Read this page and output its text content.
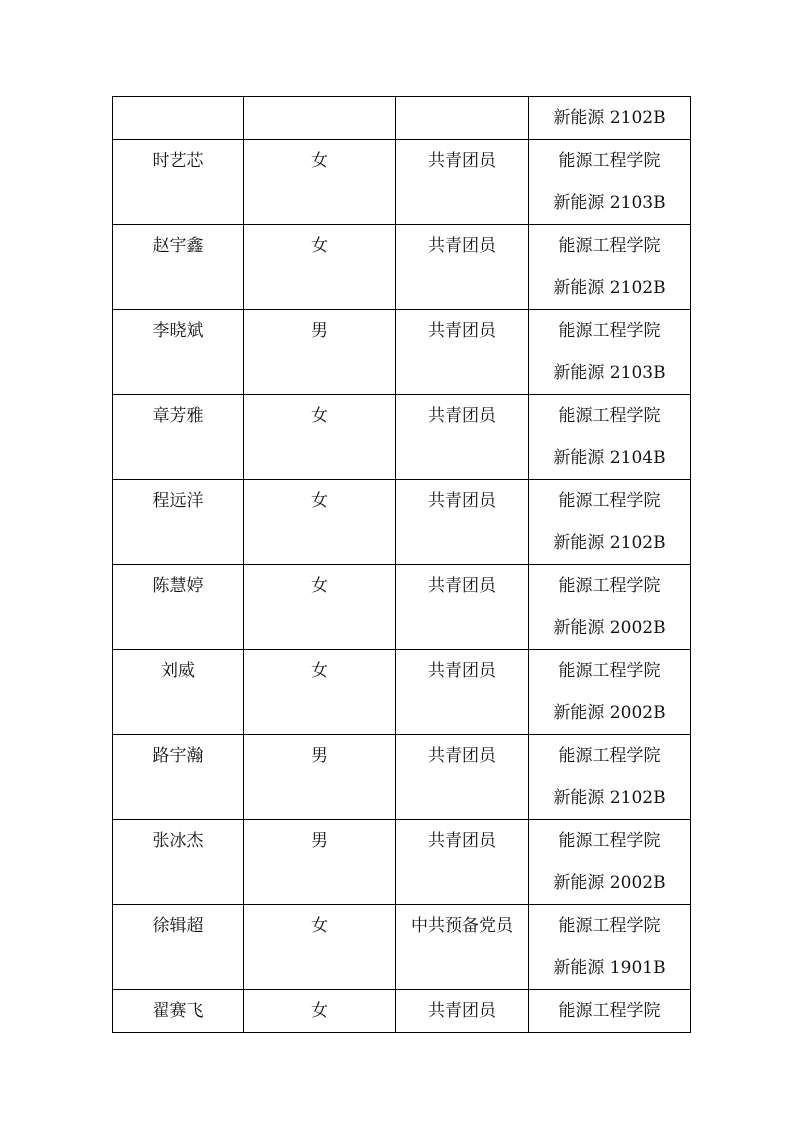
			新能源 2102B

时艺芯	女	共青团员	能源工程学院
新能源 2103B

赵宇鑫	女	共青团员	能源工程学院
新能源 2102B

李晓斌	男	共青团员	能源工程学院
新能源 2103B

章芳雅	女	共青团员	能源工程学院
新能源 2104B

程远洋	女	共青团员	能源工程学院
新能源 2102B

陈慧婷	女	共青团员	能源工程学院
新能源 2002B

刘威	女	共青团员	能源工程学院
新能源 2002B

路宇瀚	男	共青团员	能源工程学院
新能源 2102B

张冰杰	男	共青团员	能源工程学院
新能源 2002B

徐辑超	女	中共预备党员	能源工程学院
新能源 1901B

翟赛飞	女	共青团员	能源工程学院
